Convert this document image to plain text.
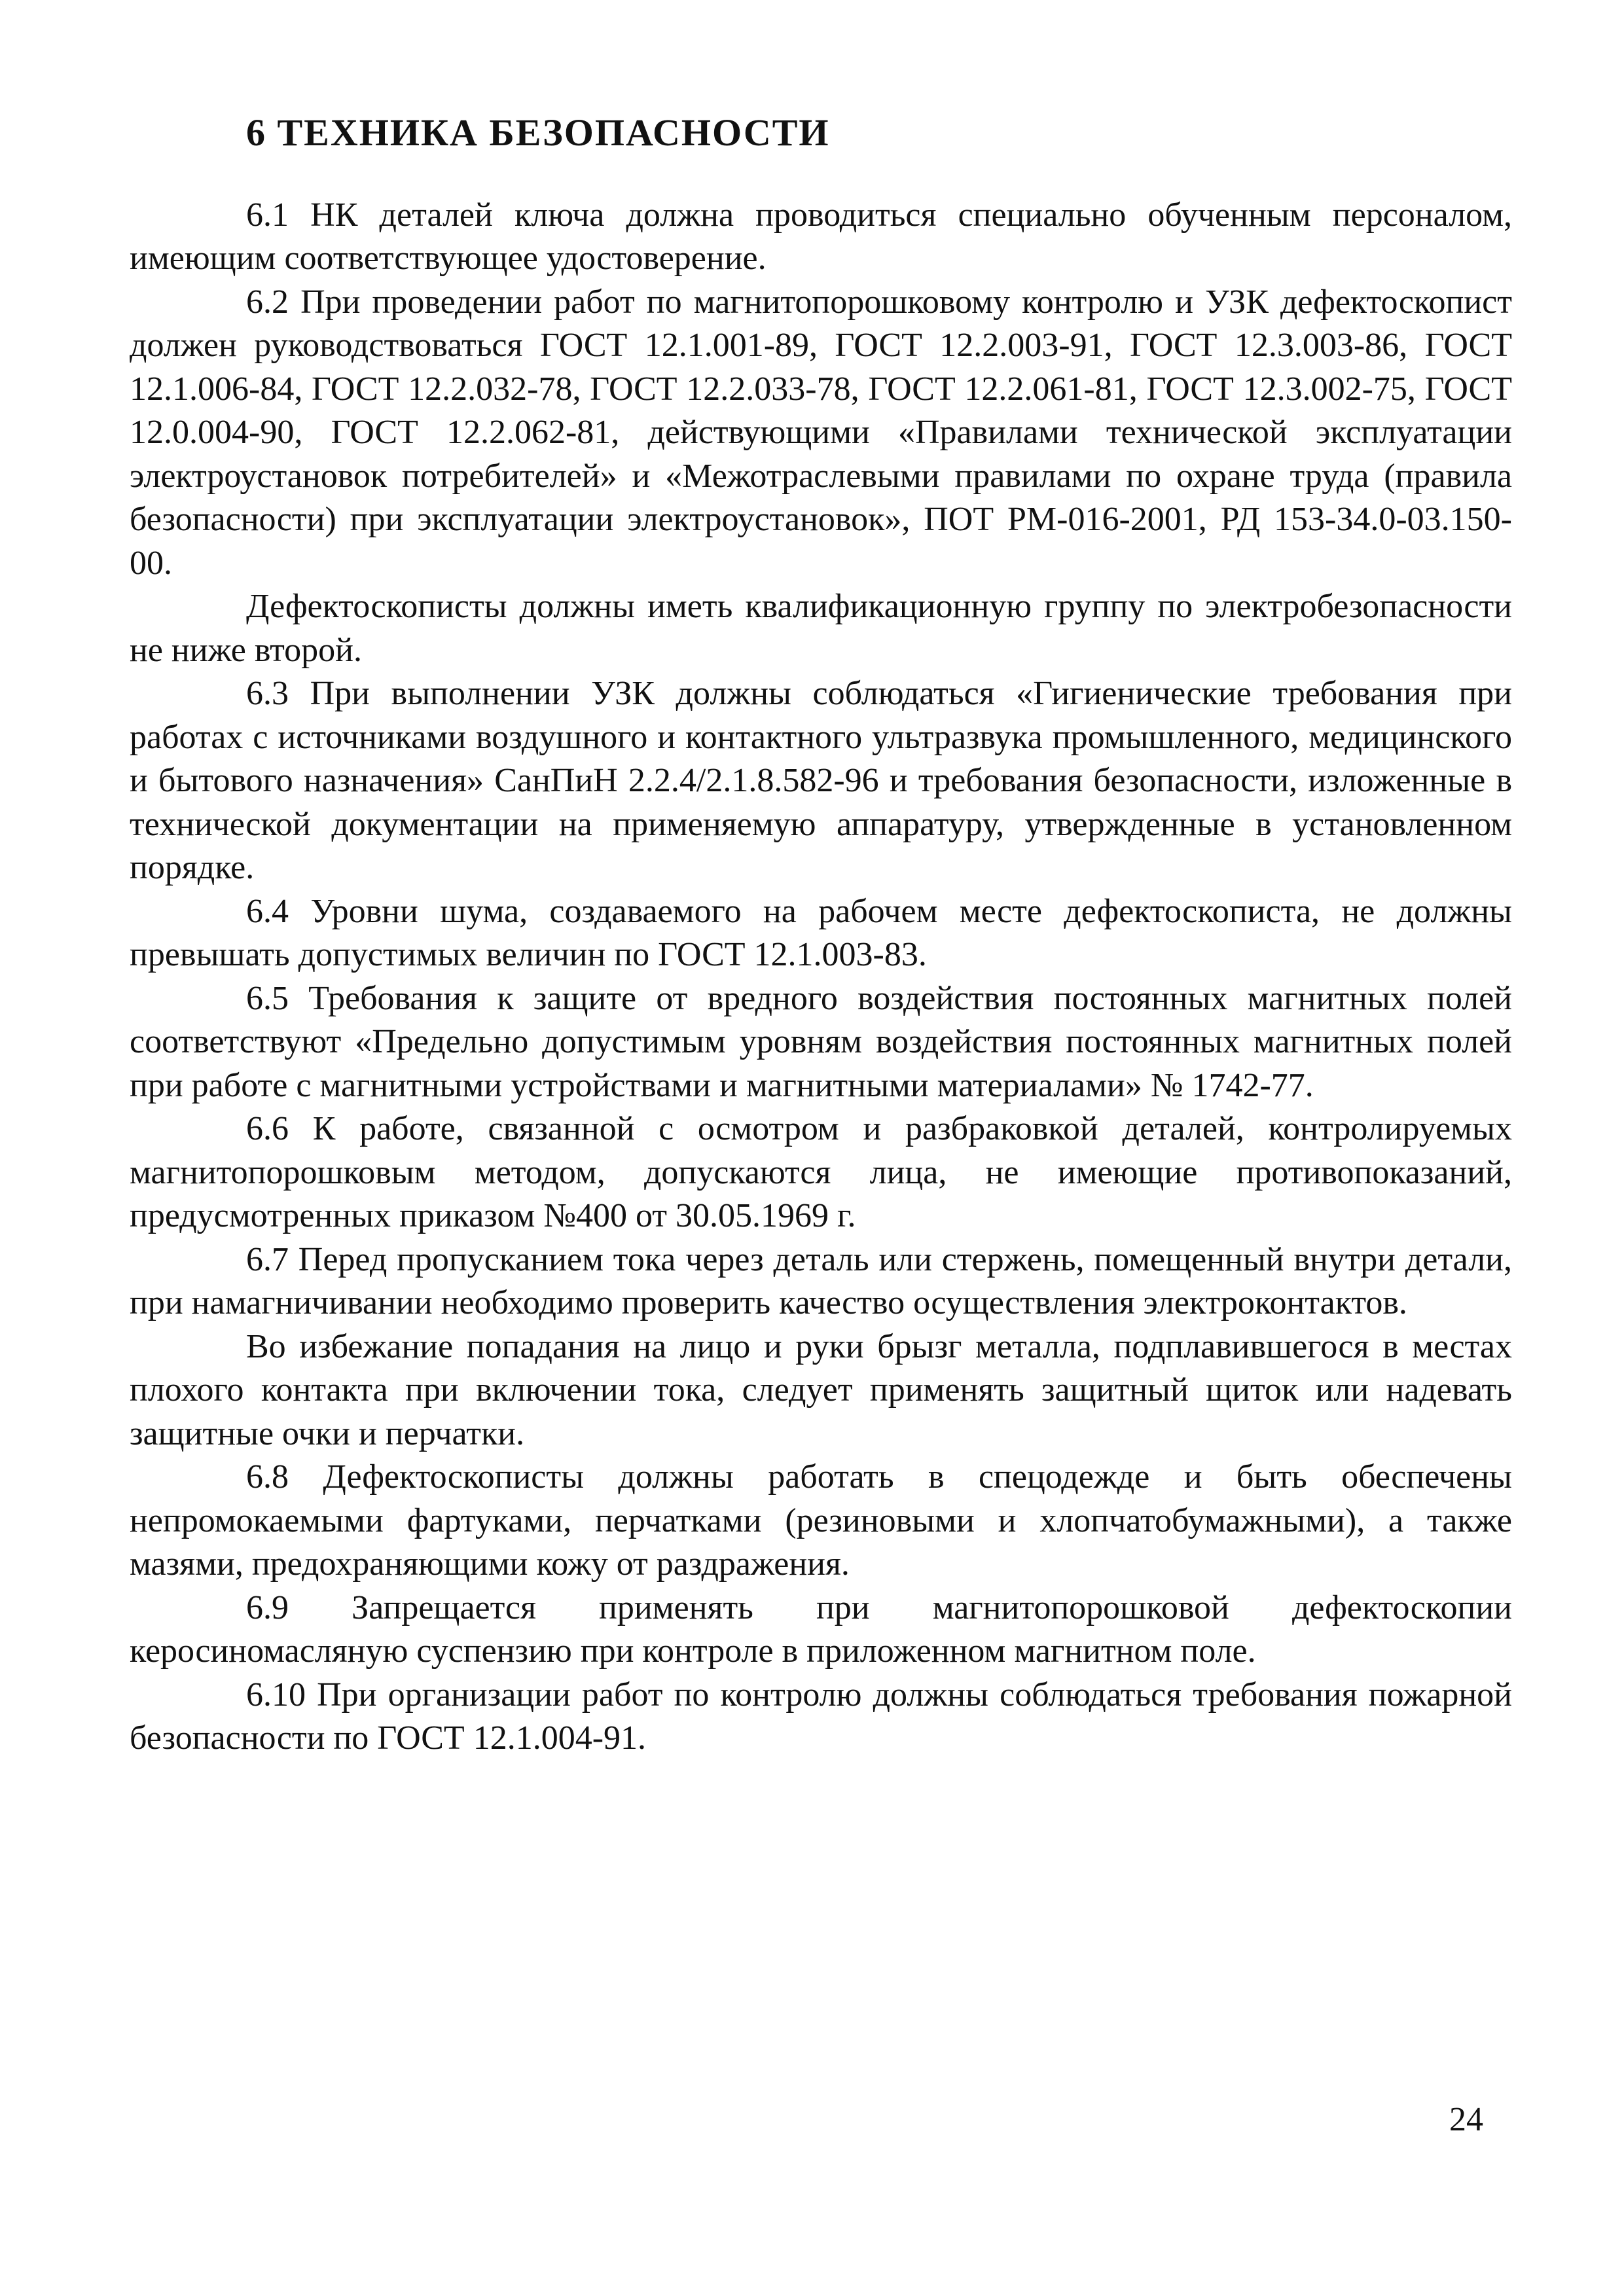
6 ТЕХНИКА БЕЗОПАСНОСТИ

6.1 НК деталей ключа должна проводиться специально обученным персоналом, имеющим соответствующее удостоверение.

6.2 При проведении работ по магнитопорошковому контролю и УЗК дефектоскопист должен руководствоваться ГОСТ 12.1.001-89, ГОСТ 12.2.003-91, ГОСТ 12.3.003-86, ГОСТ 12.1.006-84, ГОСТ 12.2.032-78, ГОСТ 12.2.033-78, ГОСТ 12.2.061-81, ГОСТ 12.3.002-75, ГОСТ 12.0.004-90, ГОСТ 12.2.062-81, действующими «Правилами технической эксплуатации электроустановок потребителей» и «Межотраслевыми правилами по охране труда (правила безопасности) при эксплуатации электроустановок», ПОТ РМ-016-2001, РД 153-34.0-03.150-00.

Дефектоскописты должны иметь квалификационную группу по электробезопасности не ниже второй.

6.3 При выполнении УЗК должны соблюдаться «Гигиенические требования при работах с источниками воздушного и контактного ультразвука промышленного, медицинского и бытового назначения» СанПиН 2.2.4/2.1.8.582-96 и требования безопасности, изложенные в технической документации на применяемую аппаратуру, утвержденные в установленном порядке.

6.4 Уровни шума, создаваемого на рабочем месте дефектоскописта, не должны превышать допустимых величин по ГОСТ 12.1.003-83.

6.5 Требования к защите от вредного воздействия постоянных магнитных полей соответствуют «Предельно допустимым уровням воздействия постоянных магнитных полей при работе с магнитными устройствами и магнитными материалами» № 1742-77.

6.6 К работе, связанной с осмотром и разбраковкой деталей, контролируемых магнитопорошковым методом, допускаются лица, не имеющие противопоказаний, предусмотренных приказом №400 от 30.05.1969 г.

6.7 Перед пропусканием тока через деталь или стержень, помещенный внутри детали, при намагничивании необходимо проверить качество осуществления электроконтактов.

Во избежание попадания на лицо и руки брызг металла, подплавившегося в местах плохого контакта при включении тока, следует применять защитный щиток или надевать защитные очки и перчатки.

6.8 Дефектоскописты должны работать в спецодежде и быть обеспечены непромокаемыми фартуками, перчатками (резиновыми и хлопчатобумажными), а также мазями, предохраняющими кожу от раздражения.

6.9 Запрещается применять при магнитопорошковой дефектоскопии керосиномасляную суспензию при контроле в приложенном магнитном поле.

6.10 При организации работ по контролю должны соблюдаться требования пожарной безопасности по ГОСТ 12.1.004-91.

24
